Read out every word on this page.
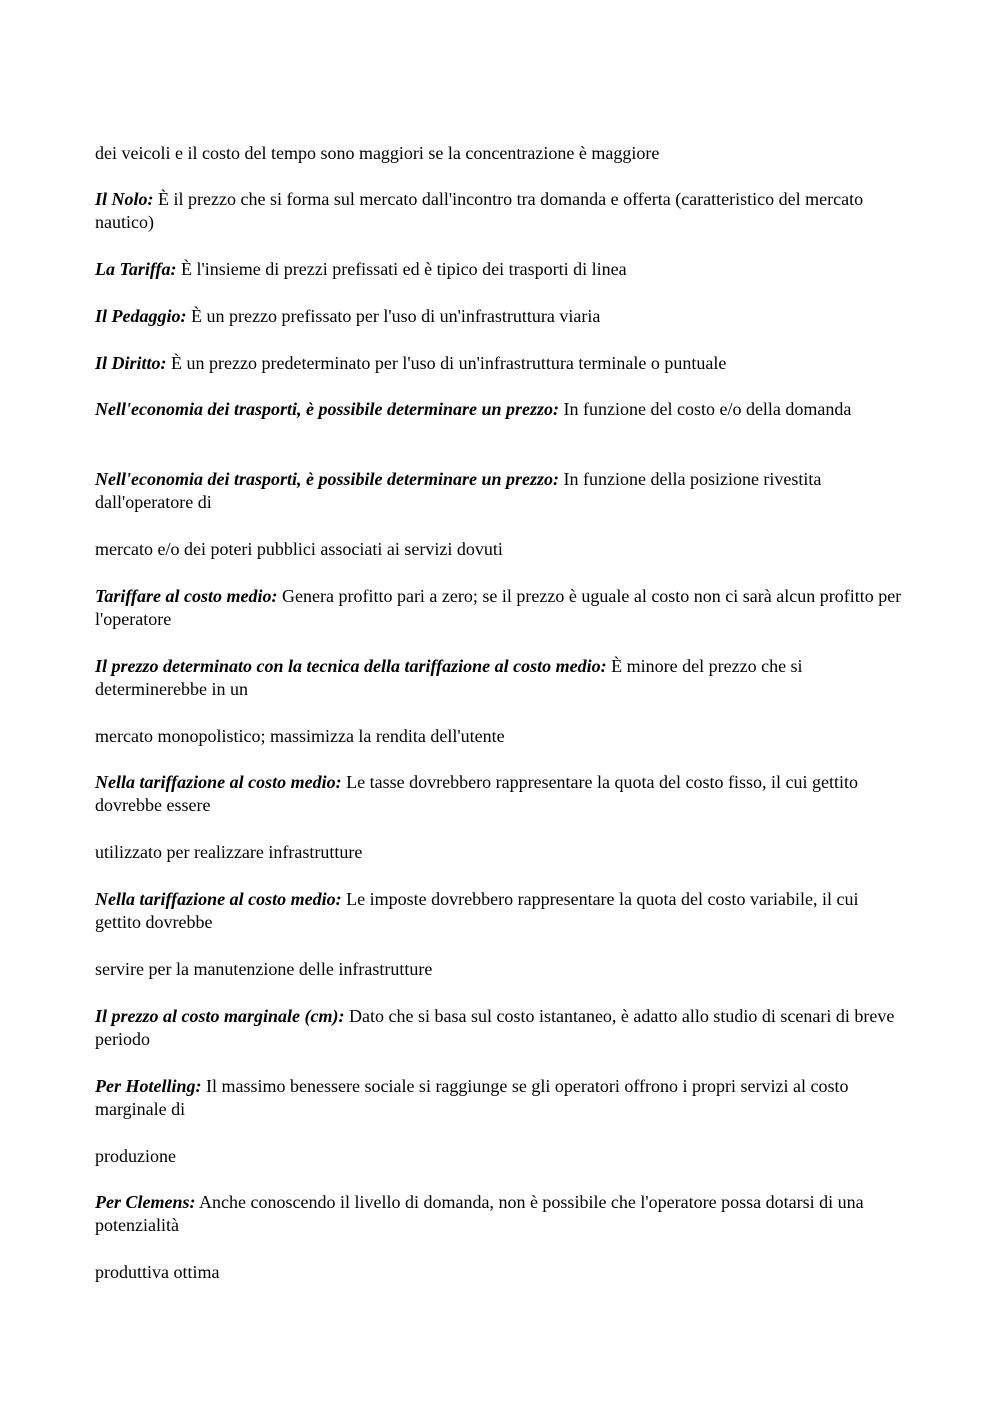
dei veicoli e il costo del tempo sono maggiori se la concentrazione è maggiore

Il Nolo: È il prezzo che si forma sul mercato dall'incontro tra domanda e offerta (caratteristico del mercato nautico)

La Tariffa: È l'insieme di prezzi prefissati ed è tipico dei trasporti di linea

Il Pedaggio: È un prezzo prefissato per l'uso di un'infrastruttura viaria

Il Diritto: È un prezzo predeterminato per l'uso di un'infrastruttura terminale o puntuale

Nell'economia dei trasporti, è possibile determinare un prezzo: In funzione del costo e/o della domanda

Nell'economia dei trasporti, è possibile determinare un prezzo: In funzione della posizione rivestita dall'operatore di

mercato e/o dei poteri pubblici associati ai servizi dovuti

Tariffare al costo medio: Genera profitto pari a zero; se il prezzo è uguale al costo non ci sarà alcun profitto per l'operatore

Il prezzo determinato con la tecnica della tariffazione al costo medio: È minore del prezzo che si determinerebbe in un

mercato monopolistico; massimizza la rendita dell'utente

Nella tariffazione al costo medio: Le tasse dovrebbero rappresentare la quota del costo fisso, il cui gettito dovrebbe essere

utilizzato per realizzare infrastrutture

Nella tariffazione al costo medio: Le imposte dovrebbero rappresentare la quota del costo variabile, il cui gettito dovrebbe

servire per la manutenzione delle infrastrutture

Il prezzo al costo marginale (cm): Dato che si basa sul costo istantaneo, è adatto allo studio di scenari di breve periodo

Per Hotelling: Il massimo benessere sociale si raggiunge se gli operatori offrono i propri servizi al costo marginale di

produzione

Per Clemens: Anche conoscendo il livello di domanda, non è possibile che l'operatore possa dotarsi di una potenzialità

produttiva ottima
